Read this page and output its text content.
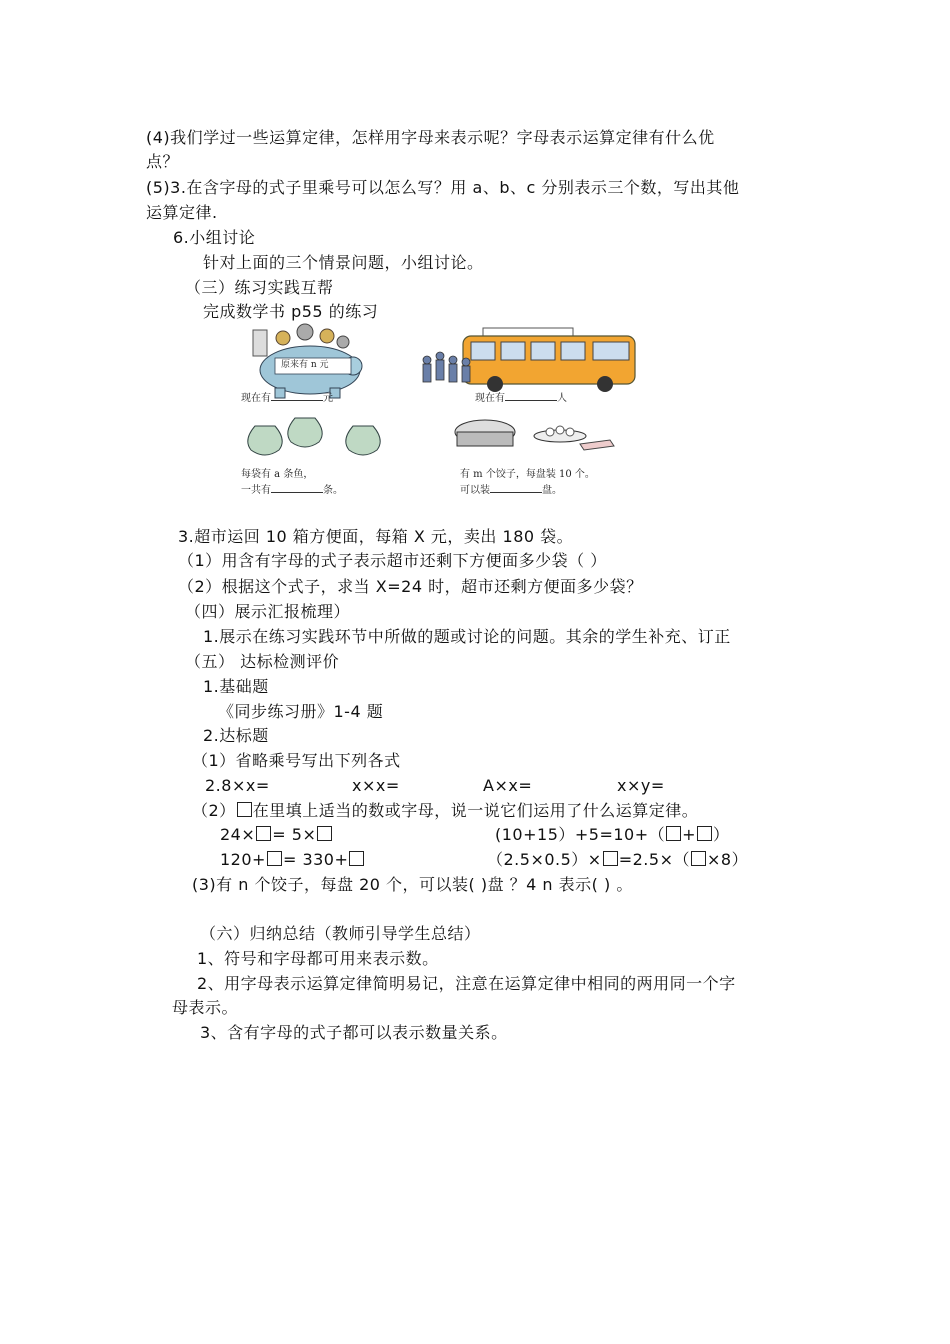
(4)我们学过一些运算定律，怎样用字母来表示呢？字母表示运算定律有什么优
点？
(5)3.在含字母的式子里乘号可以怎么写？用 a、b、c 分别表示三个数，写出其他
运算定律.
6.小组讨论
针对上面的三个情景问题，小组讨论。
（三）练习实践互帮
完成数学书 p55 的练习
原来有 n 元
现在有	元	现在有	人
每袋有 a 条鱼，
一共有	条。
有 m 个饺子，每盘装 10 个。
可以装	盘。
3.超市运回 10 箱方便面，每箱 X 元，卖出 180 袋。
（1）用含有字母的式子表示超市还剩下方便面多少袋（ ）
（2）根据这个式子，求当 X=24 时，超市还剩方便面多少袋？
（四）展示汇报梳理）
1.展示在练习实践环节中所做的题或讨论的问题。其余的学生补充、订正
（五） 达标检测评价
1.基础题
《同步练习册》1-4 题
2.达标题
（1）省略乘号写出下列各式
2.8×x=	x×x=	A×x=	x×y=
（2） 在里填上适当的数或字母，说一说它们运用了什么运算定律。
24× = 5×	(10+15）+5=10+（ + ）
120+ = 330+	（2.5×0.5）× =2.5×（ ×8）
(3)有 n 个饺子，每盘 20 个，可以装( )盘 ？4 n 表示( ) 。
（六）归纳总结（教师引导学生总结）
1、符号和字母都可用来表示数。
2、用字母表示运算定律简明易记，注意在运算定律中相同的两用同一个字
母表示。
3、含有字母的式子都可以表示数量关系。
